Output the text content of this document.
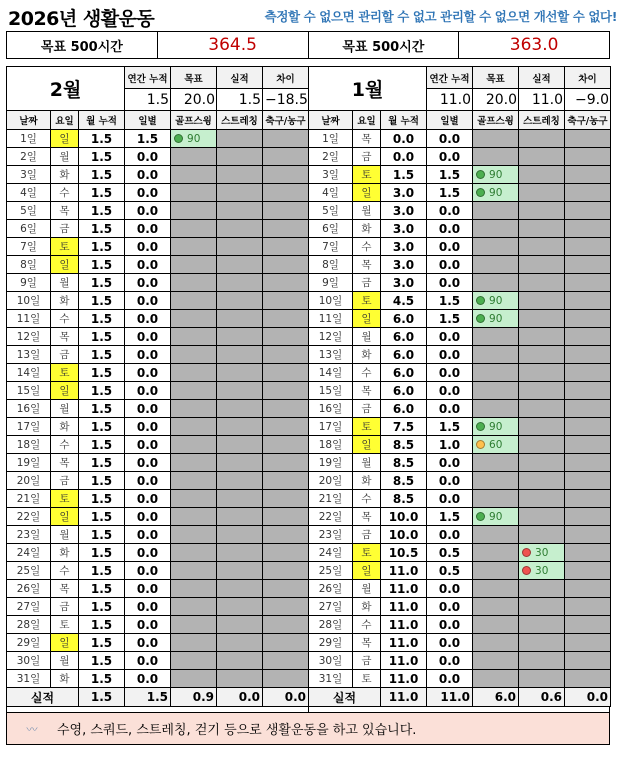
2026년 생활운동	측정할 수 없으면 관리할 수 없고 관리할 수 없으면 개선할 수 없다!
목표 500시간	364.5	목표 500시간	363.0
2월			연간 누적	목표	실적	차이
			1.5	20.0	1.5	−18.5
날짜	요일	월 누적	일별	골프스윙	스트레칭	축구/농구
1일	일	1.5	1.5	90		
2일	월	1.5	0.0			
3일	화	1.5	0.0			
4일	수	1.5	0.0			
5일	목	1.5	0.0			
6일	금	1.5	0.0			
7일	토	1.5	0.0			
8일	일	1.5	0.0			
9일	월	1.5	0.0			
10일	화	1.5	0.0			
11일	수	1.5	0.0			
12일	목	1.5	0.0			
13일	금	1.5	0.0			
14일	토	1.5	0.0			
15일	일	1.5	0.0			
16일	월	1.5	0.0			
17일	화	1.5	0.0			
18일	수	1.5	0.0			
19일	목	1.5	0.0			
20일	금	1.5	0.0			
21일	토	1.5	0.0			
22일	일	1.5	0.0			
23일	월	1.5	0.0			
24일	화	1.5	0.0			
25일	수	1.5	0.0			
26일	목	1.5	0.0			
27일	금	1.5	0.0			
28일	토	1.5	0.0			
29일	일	1.5	0.0			
30일	월	1.5	0.0			
31일	화	1.5	0.0			
실적		1.5	1.5	0.9	0.0	0.0
1월			연간 누적	목표	실적	차이
			11.0	20.0	11.0	−9.0
날짜	요일	월 누적	일별	골프스윙	스트레칭	축구/농구
1일	목	0.0	0.0			
2일	금	0.0	0.0			
3일	토	1.5	1.5	90		
4일	일	3.0	1.5	90		
5일	월	3.0	0.0			
6일	화	3.0	0.0			
7일	수	3.0	0.0			
8일	목	3.0	0.0			
9일	금	3.0	0.0			
10일	토	4.5	1.5	90		
11일	일	6.0	1.5	90		
12일	월	6.0	0.0			
13일	화	6.0	0.0			
14일	수	6.0	0.0			
15일	목	6.0	0.0			
16일	금	6.0	0.0			
17일	토	7.5	1.5	90		
18일	일	8.5	1.0	60		
19일	월	8.5	0.0			
20일	화	8.5	0.0			
21일	수	8.5	0.0			
22일	목	10.0	1.5	90		
23일	금	10.0	0.0			
24일	토	10.5	0.5		30	
25일	일	11.0	0.5		30	
26일	월	11.0	0.0			
27일	화	11.0	0.0			
28일	수	11.0	0.0			
29일	목	11.0	0.0			
30일	금	11.0	0.0			
31일	토	11.0	0.0			
실적		11.0	11.0	6.0	0.6	0.0
〰	수영, 스쿼드, 스트레칭, 걷기 등으로 생활운동을 하고 있습니다.
